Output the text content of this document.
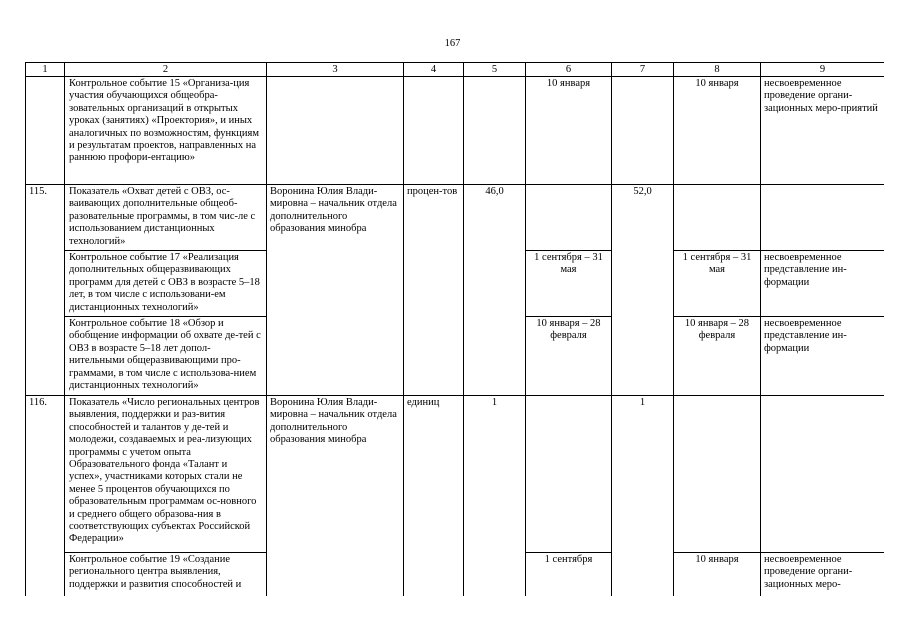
167
1	2	3	4	5	6	7	8	9
	Контрольное событие 15 «Организа-ция участия обучающихся общеобра-зовательных организаций в открытых уроках (занятиях) «Проектория», и иных аналогичных по возможностям, функциям и результатам проектов, направленных на раннюю профори-ентацию»				10 января		10 января	несвоевременное проведение органи-зационных меро-приятий
115.	Показатель «Охват детей с ОВЗ, ос-ваивающих дополнительные общеоб-разовательные программы, в том чис-ле с использованием дистанционных технологий»	Воронина Юлия Влади-мировна – начальник отдела дополнительного образования минобра	процен-тов	46,0		52,0		
	Контрольное событие 17 «Реализация дополнительных общеразвивающих программ для детей с ОВЗ в возрасте 5–18 лет, в том числе с использовани-ем дистанционных технологий»				1 сентября – 31 мая		1 сентября – 31 мая	несвоевременное представление ин-формации
	Контрольное событие 18 «Обзор и обобщение информации об охвате де-тей с ОВЗ в возрасте 5–18 лет допол-нительными общеразвивающими про-граммами, в том числе с использова-нием дистанционных технологий»				10 января – 28 февраля		10 января – 28 февраля	несвоевременное представление ин-формации
116.	Показатель «Число региональных центров выявления, поддержки и раз-вития способностей и талантов у де-тей и молодежи, создаваемых и реа-лизующих программы с учетом опыта Образовательного фонда «Талант и успех», участниками которых стали не менее 5 процентов обучающихся по образовательным программам ос-новного и среднего общего образова-ния в соответствующих субъектах Российской Федерации»	Воронина Юлия Влади-мировна – начальник отдела дополнительного образования минобра	единиц	1		1		
	Контрольное событие 19 «Создание регионального центра выявления, поддержки и развития способностей и				1 сентября		10 января	несвоевременное проведение органи-зационных меро-
